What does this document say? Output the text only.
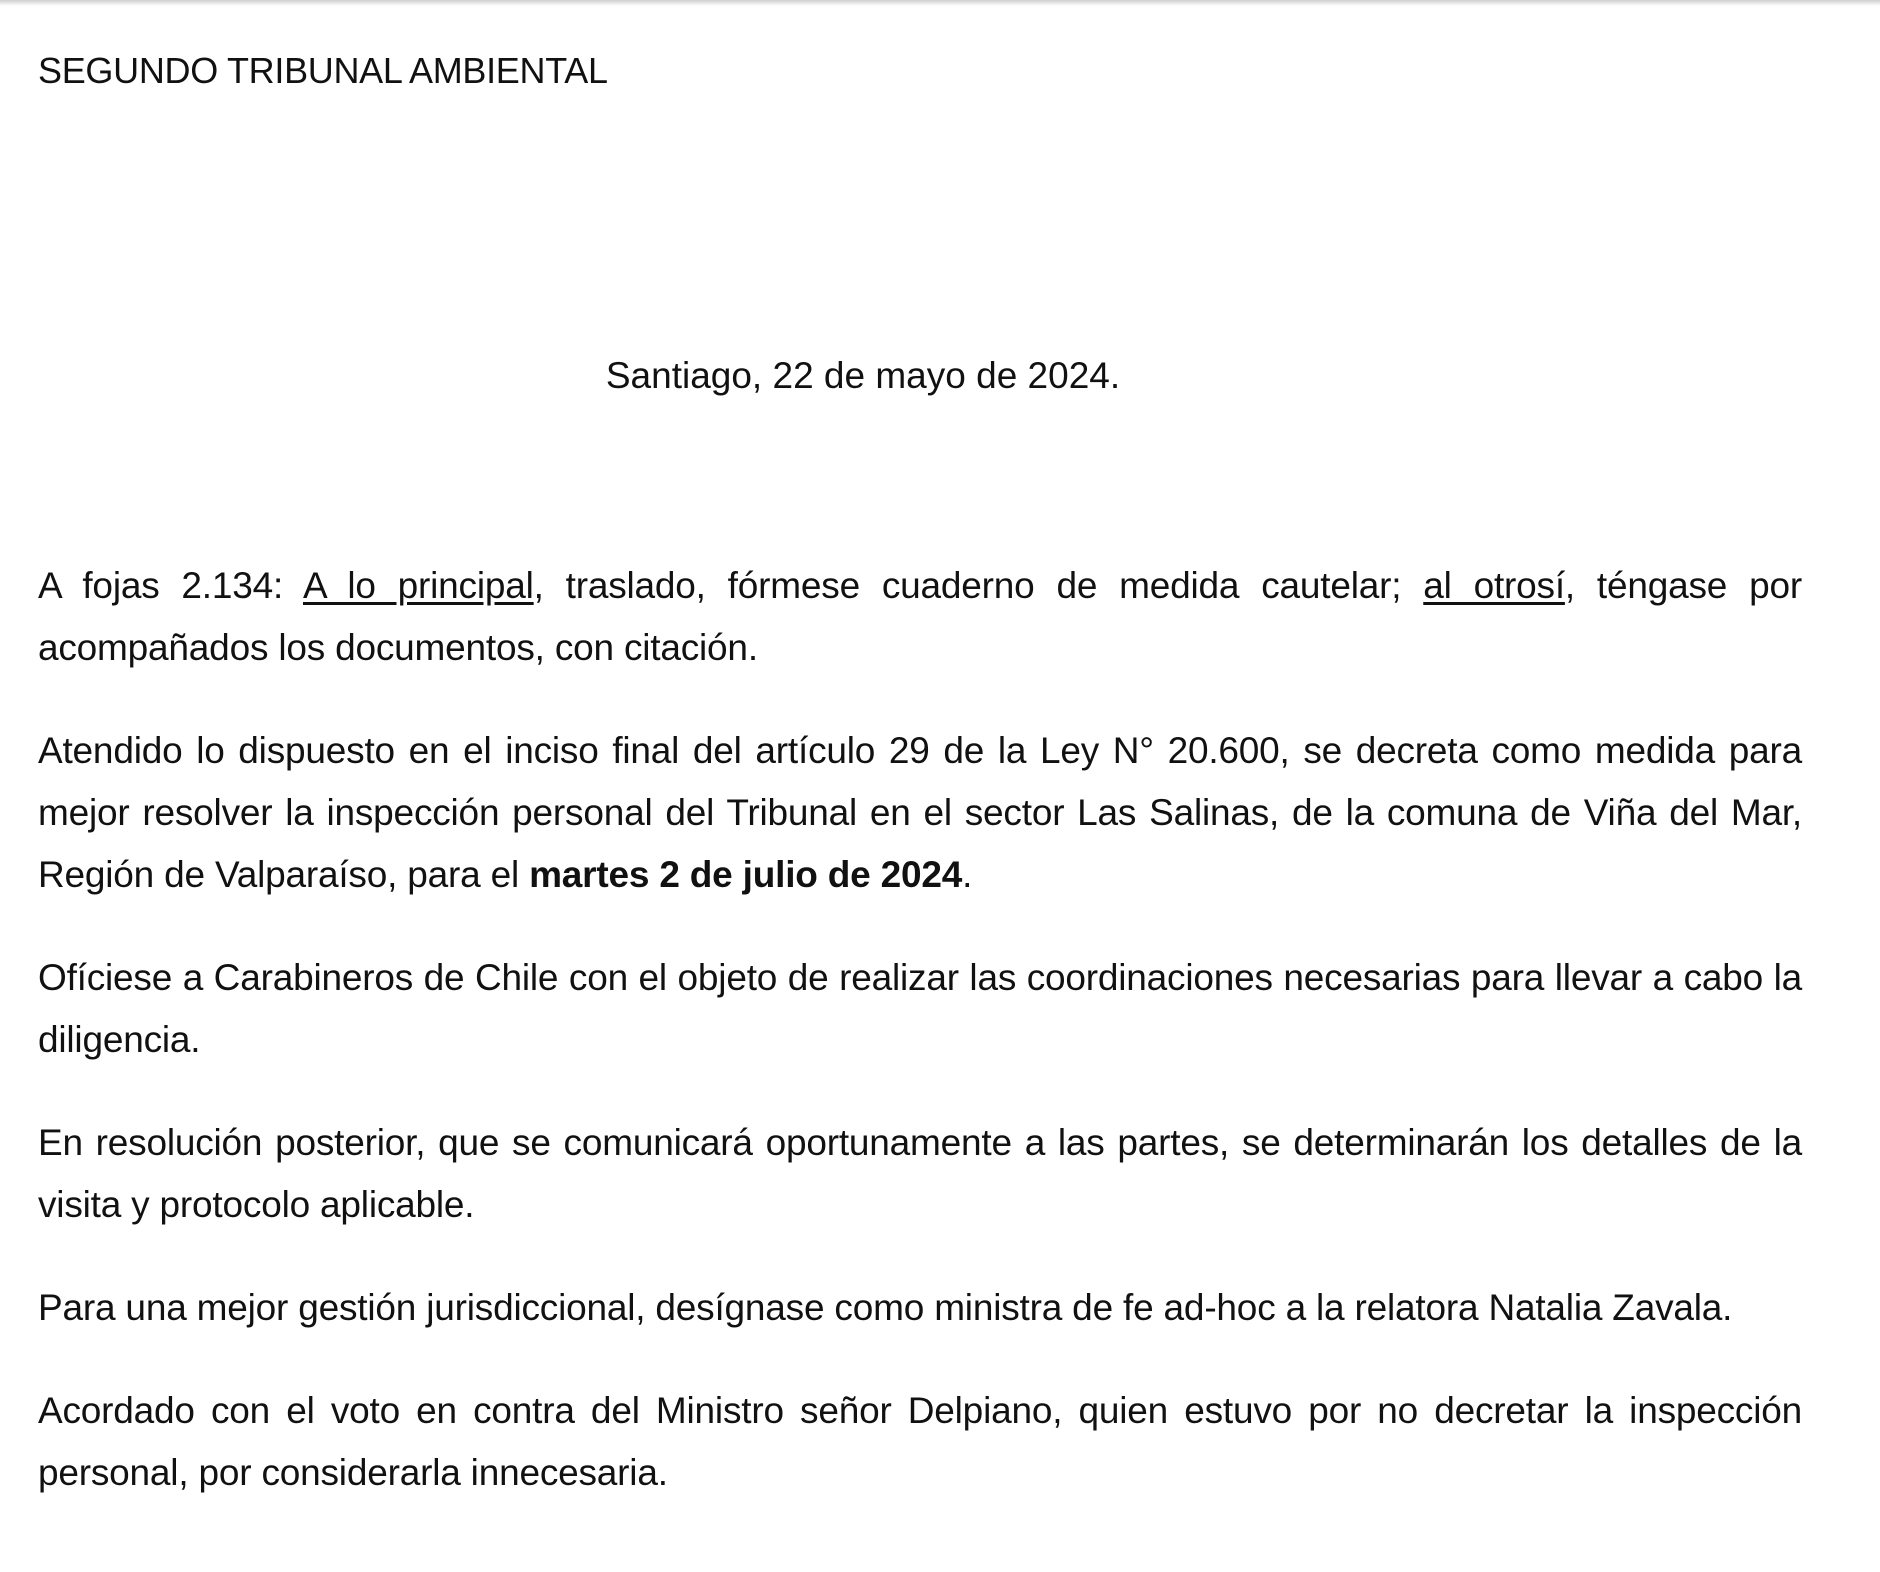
SEGUNDO TRIBUNAL AMBIENTAL

Santiago, 22 de mayo de 2024.

A fojas 2.134: A lo principal, traslado, fórmese cuaderno de medida cautelar; al otrosí, téngase por acompañados los documentos, con citación.

Atendido lo dispuesto en el inciso final del artículo 29 de la Ley N° 20.600, se decreta como medida para mejor resolver la inspección personal del Tribunal en el sector Las Salinas, de la comuna de Viña del Mar, Región de Valparaíso, para el martes 2 de julio de 2024.

Ofíciese a Carabineros de Chile con el objeto de realizar las coordinaciones necesarias para llevar a cabo la diligencia.

En resolución posterior, que se comunicará oportunamente a las partes, se determinarán los detalles de la visita y protocolo aplicable.

Para una mejor gestión jurisdiccional, desígnase como ministra de fe ad-hoc a la relatora Natalia Zavala.

Acordado con el voto en contra del Ministro señor Delpiano, quien estuvo por no decretar la inspección personal, por considerarla innecesaria.
